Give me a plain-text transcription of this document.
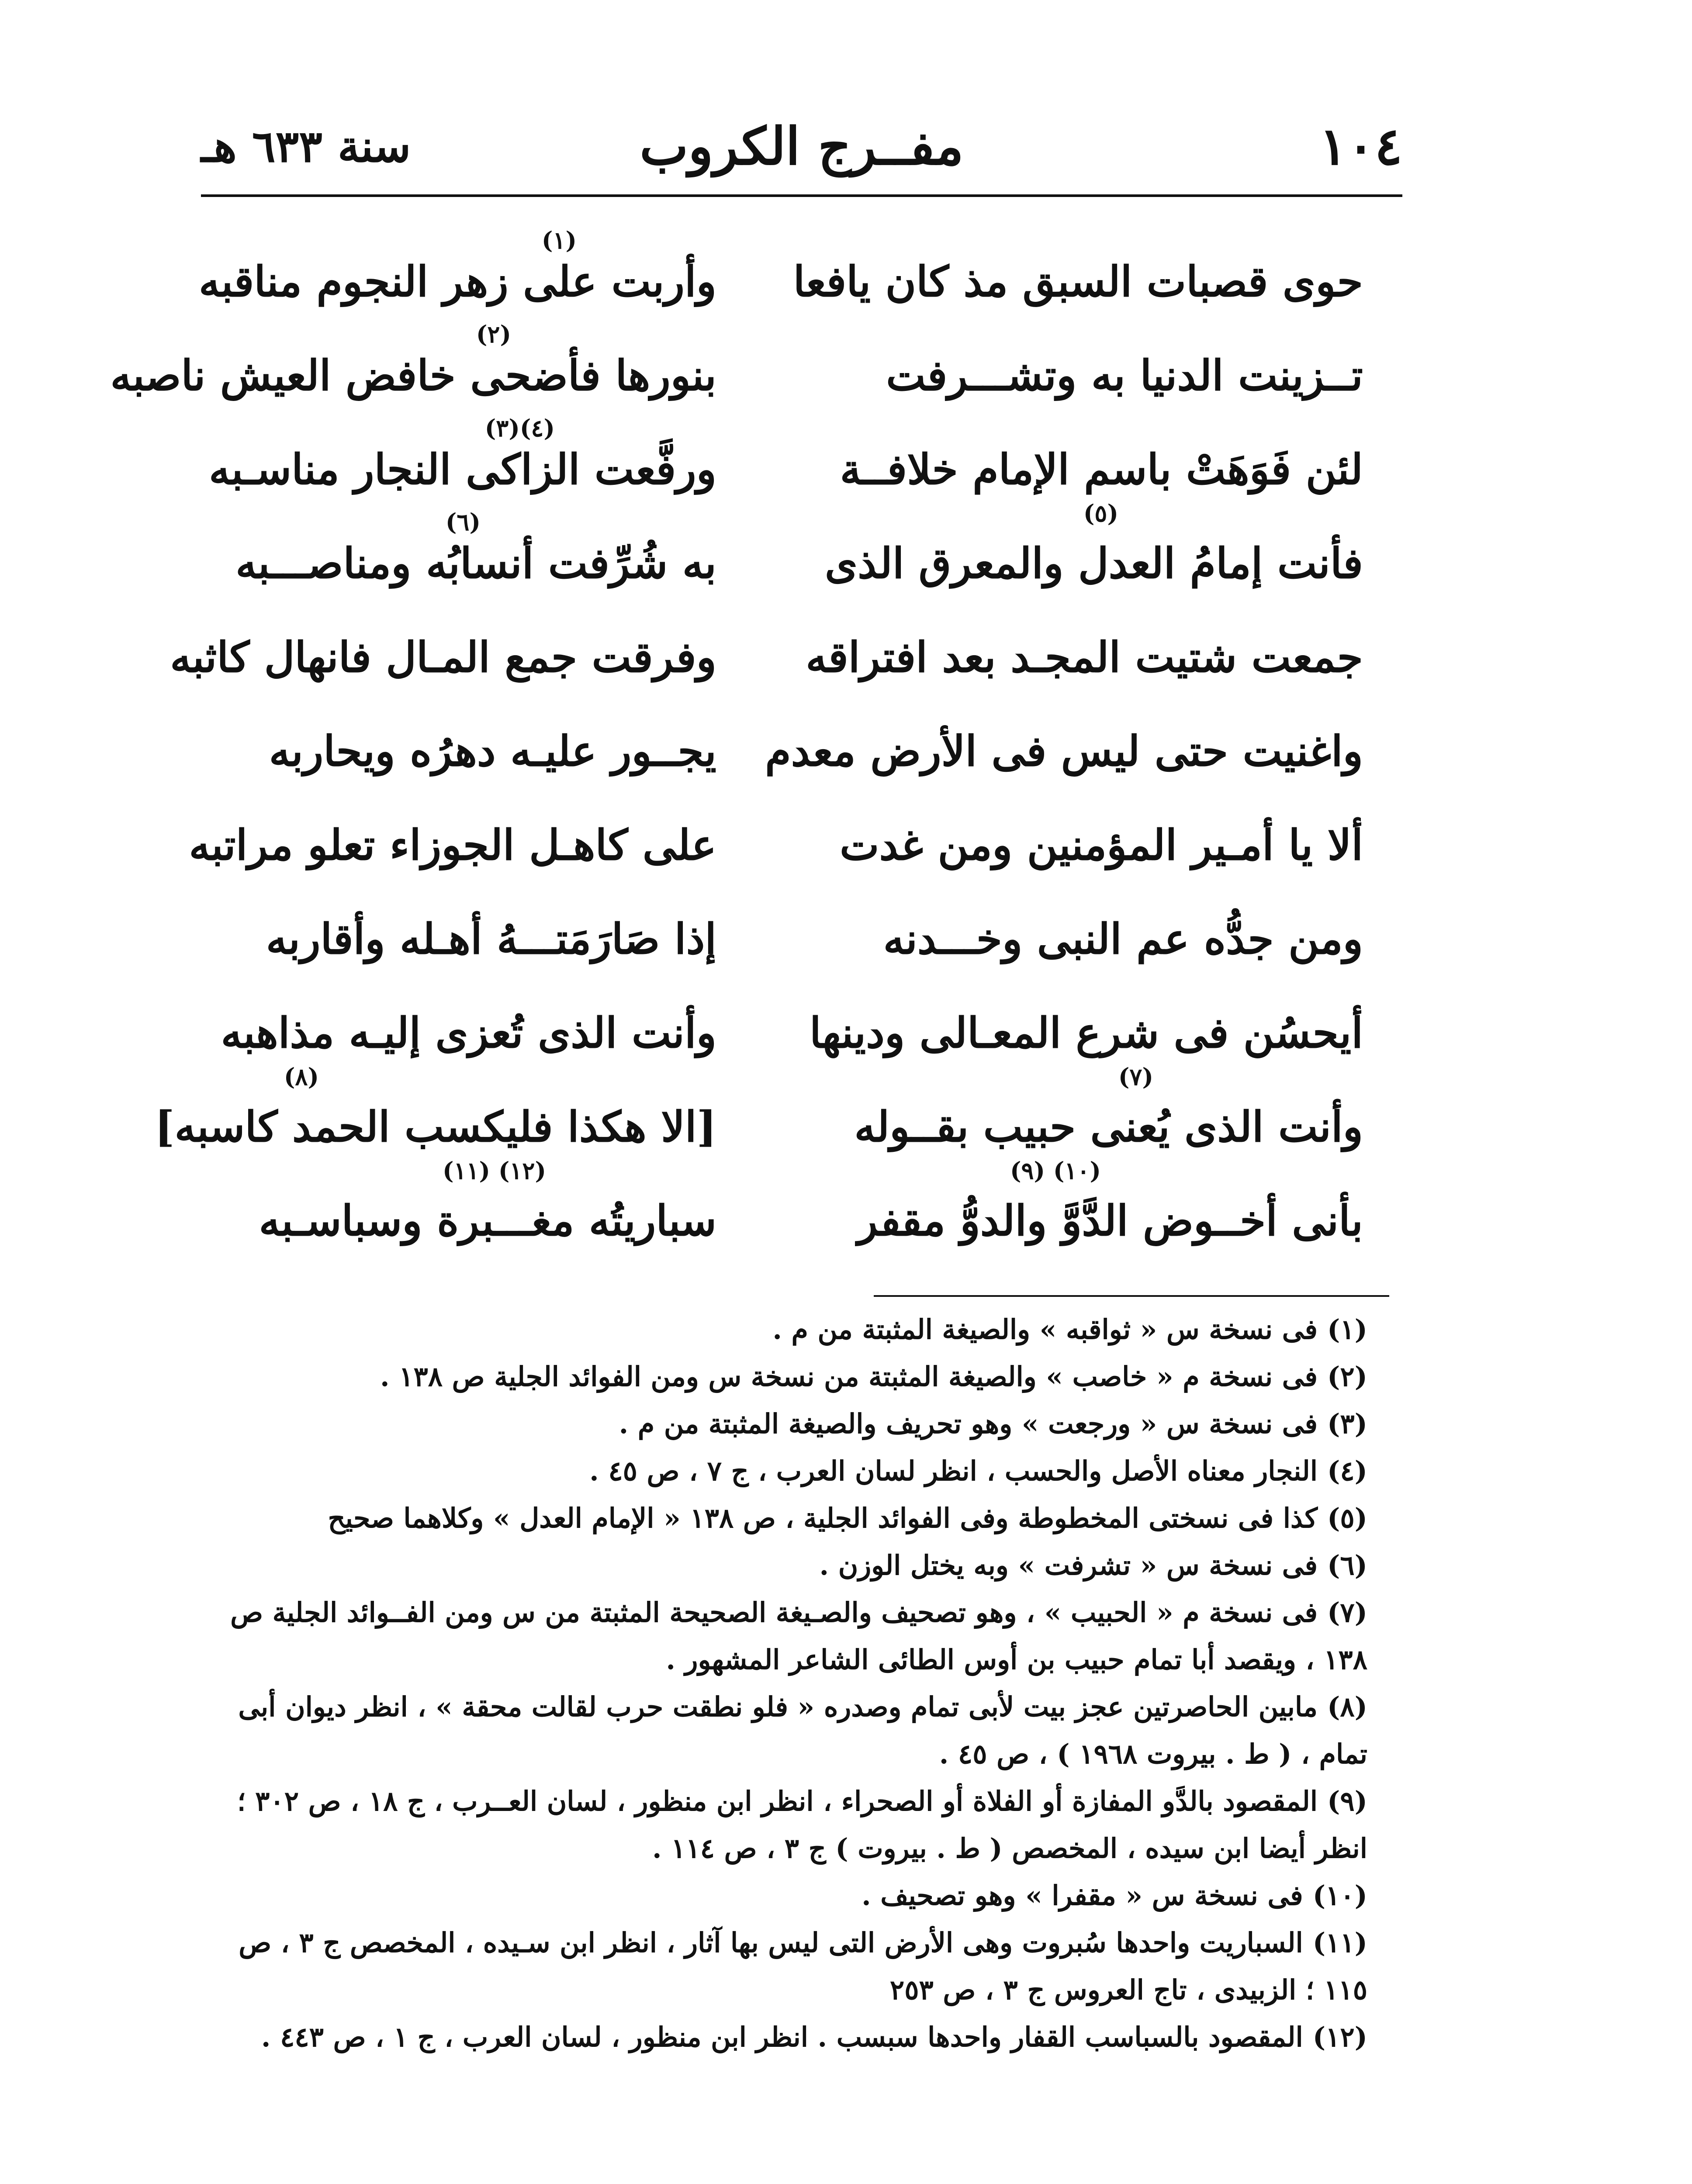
١٠٤
مفــرج الكروب
سنة ٦٣٣ هـ
(١)
حوى قصبات السبق مذ كان يافعا
وأربت على زهر النجوم مناقبه
(٢)
تــزينت الدنيا به وتشـــرفت
بنورها فأضحى خافض العيش ناصبه
(٤)(٣)
لئن فَوَهَتْ باسم الإمام خلافــة
ورفَّعت الزاكى النجار مناسـبه
(٥)
(٦)
فأنت إمامُ العدل والمعرق الذى
به شُرِّفت أنسابُه ومناصـــبه
جمعت شتيت المجـد بعد افتراقه
وفرقت جمع المـال فانهال كاثبه
واغنيت حتى ليس فى الأرض معدم
يجــور عليـه دهرُه ويحاربه
ألا يا أمـير المؤمنين ومن غدت
على كاهـل الجوزاء تعلو مراتبه
ومن جدُّه عم النبى وخـــدنه
إذا صَارَمَتـــهُ أهـله وأقاربه
أيحسُن فى شرع المعـالى ودينها
وأنت الذى تُعزى إليـه مذاهبه
(٧)
(٨)
وأنت الذى يُعنى حبيب بقــوله
[الا هكذا فليكسب الحمد كاسبه]
(١٠) (٩)
(١٢) (١١)
بأنى أخــوض الدَّوَّ والدوُّ مقفر
سباريتُه مغـــبرة وسباسـبه
(١)فى نسخة س « ثواقبه » والصيغة المثبتة من م .
(٢)فى نسخة م « خاصب » والصيغة المثبتة من نسخة س ومن الفوائد الجلية ص ١٣٨ .
(٣)فى نسخة س « ورجعت » وهو تحريف والصيغة المثبتة من م .
(٤)النجار معناه الأصل والحسب ، انظر لسان العرب ، ج ٧ ، ص ٤٥ .
(٥)كذا فى نسختى المخطوطة وفى الفوائد الجلية ، ص ١٣٨ « الإمام العدل » وكلاهما صحيح
(٦)فى نسخة س « تشرفت » وبه يختل الوزن .
(٧)فى نسخة م « الحبيب » ، وهو تصحيف والصـيغة الصحيحة المثبتة من س ومن الفــوائد الجلية ص ١٣٨ ، ويقصد أبا تمام حبيب بن أوس الطائى الشاعر المشهور .
(٨)مابين الحاصرتين عجز بيت لأبى تمام وصدره « فلو نطقت حرب لقالت محقة » ، انظر ديوان أبى تمام ، ( ط . بيروت ١٩٦٨ ) ، ص ٤٥ .
(٩)المقصود بالدَّو المفازة أو الفلاة أو الصحراء ، انظر ابن منظور ، لسان العــرب ، ج ١٨ ، ص ٣٠٢ ؛ انظر أيضا ابن سيده ، المخصص ( ط . بيروت ) ج ٣ ، ص ١١٤ .
(١٠)فى نسخة س « مقفرا » وهو تصحيف .
(١١)السباريت واحدها سُبروت وهى الأرض التى ليس بها آثار ، انظر ابن سـيده ، المخصص ج ٣ ، ص ١١٥ ؛ الزبيدى ، تاج العروس ج ٣ ، ص ٢٥٣
(١٢)المقصود بالسباسب القفار واحدها سبسب . انظر ابن منظور ، لسان العرب ، ج ١ ، ص ٤٤٣ .
